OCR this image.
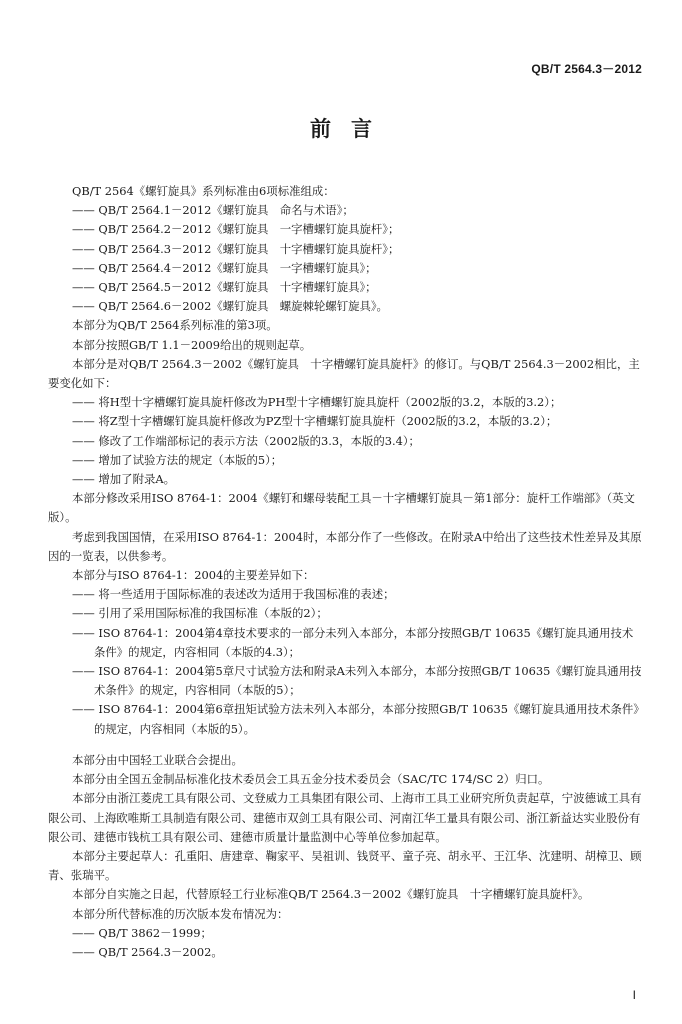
QB/T 2564.3－2012
前言

QB/T 2564《螺钉旋具》系列标准由6项标准组成：

—— QB/T 2564.1－2012《螺钉旋具　命名与术语》；

—— QB/T 2564.2－2012《螺钉旋具　一字槽螺钉旋具旋杆》；

—— QB/T 2564.3－2012《螺钉旋具　十字槽螺钉旋具旋杆》；

—— QB/T 2564.4－2012《螺钉旋具　一字槽螺钉旋具》；

—— QB/T 2564.5－2012《螺钉旋具　十字槽螺钉旋具》；

—— QB/T 2564.6－2002《螺钉旋具　螺旋棘轮螺钉旋具》。

本部分为QB/T 2564系列标准的第3项。

本部分按照GB/T 1.1－2009给出的规则起草。

本部分是对QB/T 2564.3－2002《螺钉旋具　十字槽螺钉旋具旋杆》的修订。与QB/T 2564.3－2002相比，主要变化如下：

—— 将H型十字槽螺钉旋具旋杆修改为PH型十字槽螺钉旋具旋杆（2002版的3.2，本版的3.2）；

—— 将Z型十字槽螺钉旋具旋杆修改为PZ型十字槽螺钉旋具旋杆（2002版的3.2，本版的3.2）；

—— 修改了工作端部标记的表示方法（2002版的3.3，本版的3.4）；

—— 增加了试验方法的规定（本版的5）；

—— 增加了附录A。

本部分修改采用ISO 8764-1：2004《螺钉和螺母装配工具－十字槽螺钉旋具－第1部分：旋杆工作端部》（英文版）。

考虑到我国国情，在采用ISO 8764-1：2004时，本部分作了一些修改。在附录A中给出了这些技术性差异及其原因的一览表，以供参考。

本部分与ISO 8764-1：2004的主要差异如下：

—— 将一些适用于国际标准的表述改为适用于我国标准的表述；

—— 引用了采用国际标准的我国标准（本版的2）；

—— ISO 8764-1：2004第4章技术要求的一部分未列入本部分，本部分按照GB/T 10635《螺钉旋具通用技术条件》的规定，内容相同（本版的4.3）；

—— ISO 8764-1：2004第5章尺寸试验方法和附录A未列入本部分，本部分按照GB/T 10635《螺钉旋具通用技术条件》的规定，内容相同（本版的5）；

—— ISO 8764-1：2004第6章扭矩试验方法未列入本部分，本部分按照GB/T 10635《螺钉旋具通用技术条件》的规定，内容相同（本版的5）。

本部分由中国轻工业联合会提出。

本部分由全国五金制品标准化技术委员会工具五金分技术委员会（SAC/TC 174/SC 2）归口。

本部分由浙江菱虎工具有限公司、文登威力工具集团有限公司、上海市工具工业研究所负责起草，宁波德诚工具有限公司、上海欧唯斯工具制造有限公司、建德市双剑工具有限公司、河南江华工量具有限公司、浙江新益达实业股份有限公司、建德市钱杭工具有限公司、建德市质量计量监测中心等单位参加起草。

本部分主要起草人：孔重阳、唐建章、鞠家平、吴祖训、钱贤平、童子亮、胡永平、王江华、沈建明、胡樟卫、顾青、张瑞平。

本部分自实施之日起，代替原轻工行业标准QB/T 2564.3－2002《螺钉旋具　十字槽螺钉旋具旋杆》。

本部分所代替标准的历次版本发布情况为：

—— QB/T 3862－1999；

—— QB/T 2564.3－2002。

I
